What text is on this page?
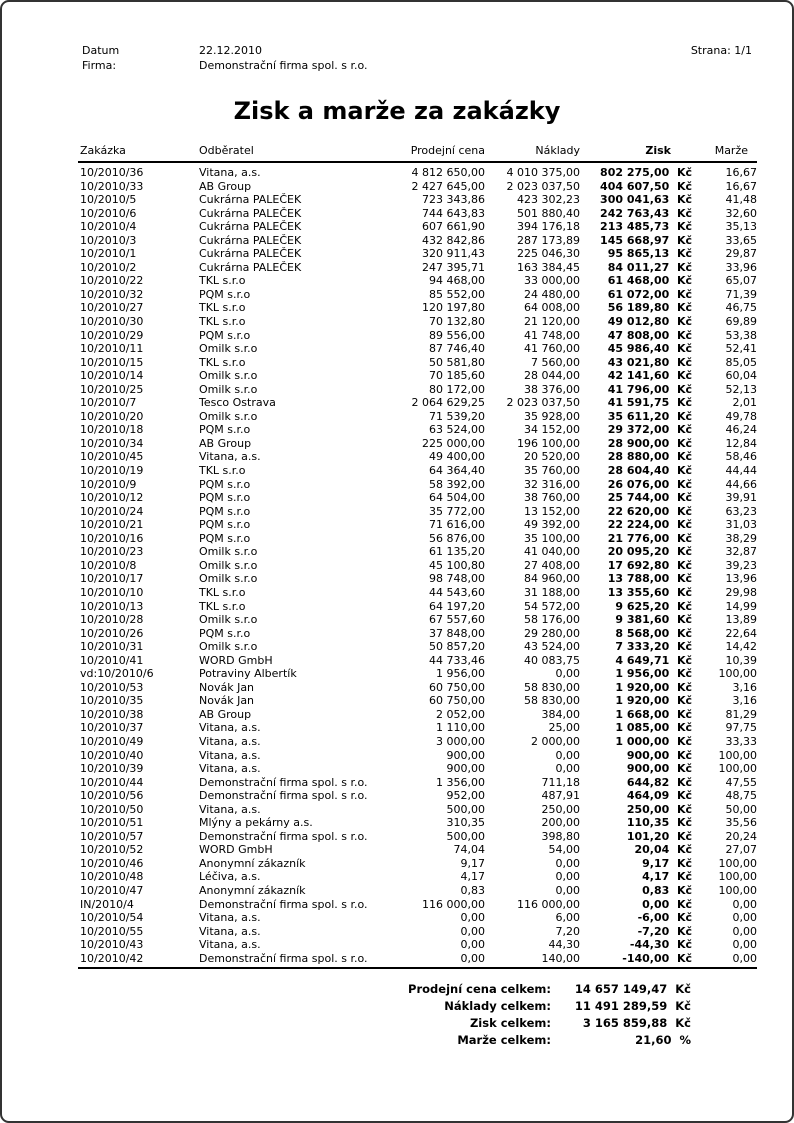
Datum	22.12.2010
Firma:	Demonstrační firma spol. s r.o.
Strana: 1/1
Zisk a marže za zakázky
Zakázka	Odběratel	Prodejní cena	Náklady	Zisk	Marže
10/2010/36	Vitana, a.s.	4 812 650,00	4 010 375,00	802 275,00  Kč	16,67
10/2010/33	AB Group	2 427 645,00	2 023 037,50	404 607,50  Kč	16,67
10/2010/5	Cukrárna PALEČEK	723 343,86	423 302,23	300 041,63  Kč	41,48
10/2010/6	Cukrárna PALEČEK	744 643,83	501 880,40	242 763,43  Kč	32,60
10/2010/4	Cukrárna PALEČEK	607 661,90	394 176,18	213 485,73  Kč	35,13
10/2010/3	Cukrárna PALEČEK	432 842,86	287 173,89	145 668,97  Kč	33,65
10/2010/1	Cukrárna PALEČEK	320 911,43	225 046,30	95 865,13  Kč	29,87
10/2010/2	Cukrárna PALEČEK	247 395,71	163 384,45	84 011,27  Kč	33,96
10/2010/22	TKL s.r.o	94 468,00	33 000,00	61 468,00  Kč	65,07
10/2010/32	PQM s.r.o	85 552,00	24 480,00	61 072,00  Kč	71,39
10/2010/27	TKL s.r.o	120 197,80	64 008,00	56 189,80  Kč	46,75
10/2010/30	TKL s.r.o	70 132,80	21 120,00	49 012,80  Kč	69,89
10/2010/29	PQM s.r.o	89 556,00	41 748,00	47 808,00  Kč	53,38
10/2010/11	Omilk s.r.o	87 746,40	41 760,00	45 986,40  Kč	52,41
10/2010/15	TKL s.r.o	50 581,80	7 560,00	43 021,80  Kč	85,05
10/2010/14	Omilk s.r.o	70 185,60	28 044,00	42 141,60  Kč	60,04
10/2010/25	Omilk s.r.o	80 172,00	38 376,00	41 796,00  Kč	52,13
10/2010/7	Tesco Ostrava	2 064 629,25	2 023 037,50	41 591,75  Kč	2,01
10/2010/20	Omilk s.r.o	71 539,20	35 928,00	35 611,20  Kč	49,78
10/2010/18	PQM s.r.o	63 524,00	34 152,00	29 372,00  Kč	46,24
10/2010/34	AB Group	225 000,00	196 100,00	28 900,00  Kč	12,84
10/2010/45	Vitana, a.s.	49 400,00	20 520,00	28 880,00  Kč	58,46
10/2010/19	TKL s.r.o	64 364,40	35 760,00	28 604,40  Kč	44,44
10/2010/9	PQM s.r.o	58 392,00	32 316,00	26 076,00  Kč	44,66
10/2010/12	PQM s.r.o	64 504,00	38 760,00	25 744,00  Kč	39,91
10/2010/24	PQM s.r.o	35 772,00	13 152,00	22 620,00  Kč	63,23
10/2010/21	PQM s.r.o	71 616,00	49 392,00	22 224,00  Kč	31,03
10/2010/16	PQM s.r.o	56 876,00	35 100,00	21 776,00  Kč	38,29
10/2010/23	Omilk s.r.o	61 135,20	41 040,00	20 095,20  Kč	32,87
10/2010/8	Omilk s.r.o	45 100,80	27 408,00	17 692,80  Kč	39,23
10/2010/17	Omilk s.r.o	98 748,00	84 960,00	13 788,00  Kč	13,96
10/2010/10	TKL s.r.o	44 543,60	31 188,00	13 355,60  Kč	29,98
10/2010/13	TKL s.r.o	64 197,20	54 572,00	9 625,20  Kč	14,99
10/2010/28	Omilk s.r.o	67 557,60	58 176,00	9 381,60  Kč	13,89
10/2010/26	PQM s.r.o	37 848,00	29 280,00	8 568,00  Kč	22,64
10/2010/31	Omilk s.r.o	50 857,20	43 524,00	7 333,20  Kč	14,42
10/2010/41	WORD GmbH	44 733,46	40 083,75	4 649,71  Kč	10,39
vd:10/2010/6	Potraviny Albertík	1 956,00	0,00	1 956,00  Kč	100,00
10/2010/53	Novák Jan	60 750,00	58 830,00	1 920,00  Kč	3,16
10/2010/35	Novák Jan	60 750,00	58 830,00	1 920,00  Kč	3,16
10/2010/38	AB Group	2 052,00	384,00	1 668,00  Kč	81,29
10/2010/37	Vitana, a.s.	1 110,00	25,00	1 085,00  Kč	97,75
10/2010/49	Vitana, a.s.	3 000,00	2 000,00	1 000,00  Kč	33,33
10/2010/40	Vitana, a.s.	900,00	0,00	900,00  Kč	100,00
10/2010/39	Vitana, a.s.	900,00	0,00	900,00  Kč	100,00
10/2010/44	Demonstrační firma spol. s r.o.	1 356,00	711,18	644,82  Kč	47,55
10/2010/56	Demonstrační firma spol. s r.o.	952,00	487,91	464,09  Kč	48,75
10/2010/50	Vitana, a.s.	500,00	250,00	250,00  Kč	50,00
10/2010/51	Mlýny a pekárny a.s.	310,35	200,00	110,35  Kč	35,56
10/2010/57	Demonstrační firma spol. s r.o.	500,00	398,80	101,20  Kč	20,24
10/2010/52	WORD GmbH	74,04	54,00	20,04  Kč	27,07
10/2010/46	Anonymní zákazník	9,17	0,00	9,17  Kč	100,00
10/2010/48	Léčiva, a.s.	4,17	0,00	4,17  Kč	100,00
10/2010/47	Anonymní zákazník	0,83	0,00	0,83  Kč	100,00
IN/2010/4	Demonstrační firma spol. s r.o.	116 000,00	116 000,00	0,00  Kč	0,00
10/2010/54	Vitana, a.s.	0,00	6,00	-6,00  Kč	0,00
10/2010/55	Vitana, a.s.	0,00	7,20	-7,20  Kč	0,00
10/2010/43	Vitana, a.s.	0,00	44,30	-44,30  Kč	0,00
10/2010/42	Demonstrační firma spol. s r.o.	0,00	140,00	-140,00  Kč	0,00
Prodejní cena celkem:	14 657 149,47  Kč
Náklady celkem:	11 491 289,59  Kč
Zisk celkem:	3 165 859,88  Kč
Marže celkem:	21,60  %
